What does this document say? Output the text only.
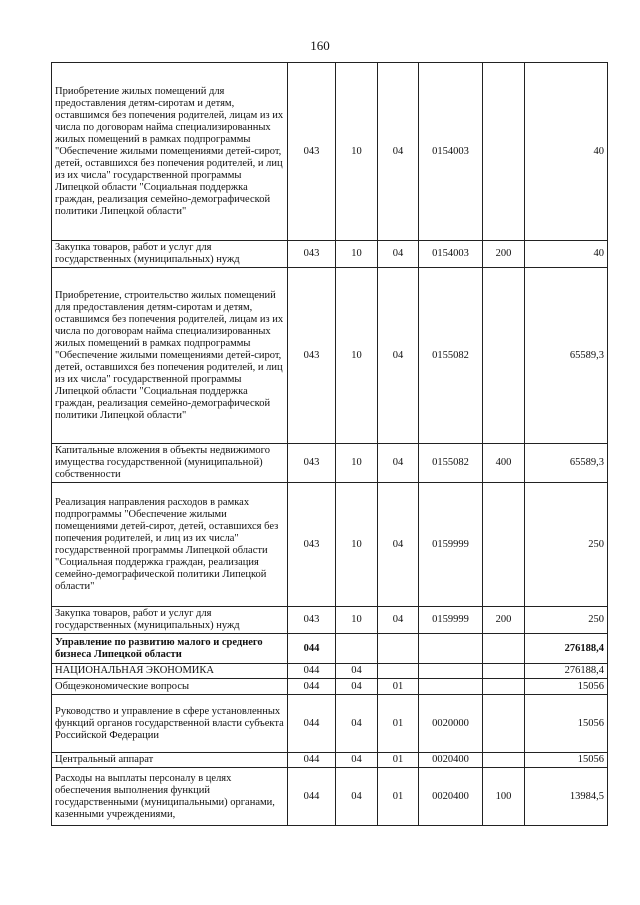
160
Приобретение жилых помещений для предоставления детям-сиротам и детям, оставшимся без попечения родителей, лицам из их числа по договорам найма специализированных жилых помещений в рамках подпрограммы "Обеспечение жилыми помещениями детей-сирот, детей, оставшихся без попечения родителей, и лиц из их числа" государственной программы Липецкой области "Социальная поддержка граждан, реализация семейно-демографической политики Липецкой области"	043	10	04	0154003		40
Закупка товаров, работ и услуг для государственных (муниципальных) нужд	043	10	04	0154003	200	40
Приобретение, строительство жилых помещений для предоставления детям-сиротам и детям, оставшимся без попечения родителей, лицам из их числа по договорам найма специализированных жилых помещений в рамках подпрограммы "Обеспечение жилыми помещениями детей-сирот, детей, оставшихся без попечения родителей, и лиц из их числа" государственной программы Липецкой области "Социальная поддержка граждан, реализация семейно-демографической политики Липецкой области"	043	10	04	0155082		65589,3
Капитальные вложения в объекты недвижимого имущества государственной (муниципальной) собственности	043	10	04	0155082	400	65589,3
Реализация направления расходов в рамках подпрограммы "Обеспечение жилыми помещениями детей-сирот, детей, оставшихся без попечения родителей, и лиц из их числа" государственной программы Липецкой области "Социальная поддержка граждан, реализация семейно-демографической политики Липецкой области"	043	10	04	0159999		250
Закупка товаров, работ и услуг для государственных (муниципальных) нужд	043	10	04	0159999	200	250
Управление по развитию малого и среднего бизнеса Липецкой области	044					276188,4
НАЦИОНАЛЬНАЯ ЭКОНОМИКА	044	04				276188,4
Общеэкономические вопросы	044	04	01			15056
Руководство и управление в сфере установленных функций органов государственной власти субъекта Российской Федерации	044	04	01	0020000		15056
Центральный аппарат	044	04	01	0020400		15056
Расходы на выплаты персоналу в целях обеспечения выполнения функций государственными (муниципальными) органами, казенными учреждениями,	044	04	01	0020400	100	13984,5
